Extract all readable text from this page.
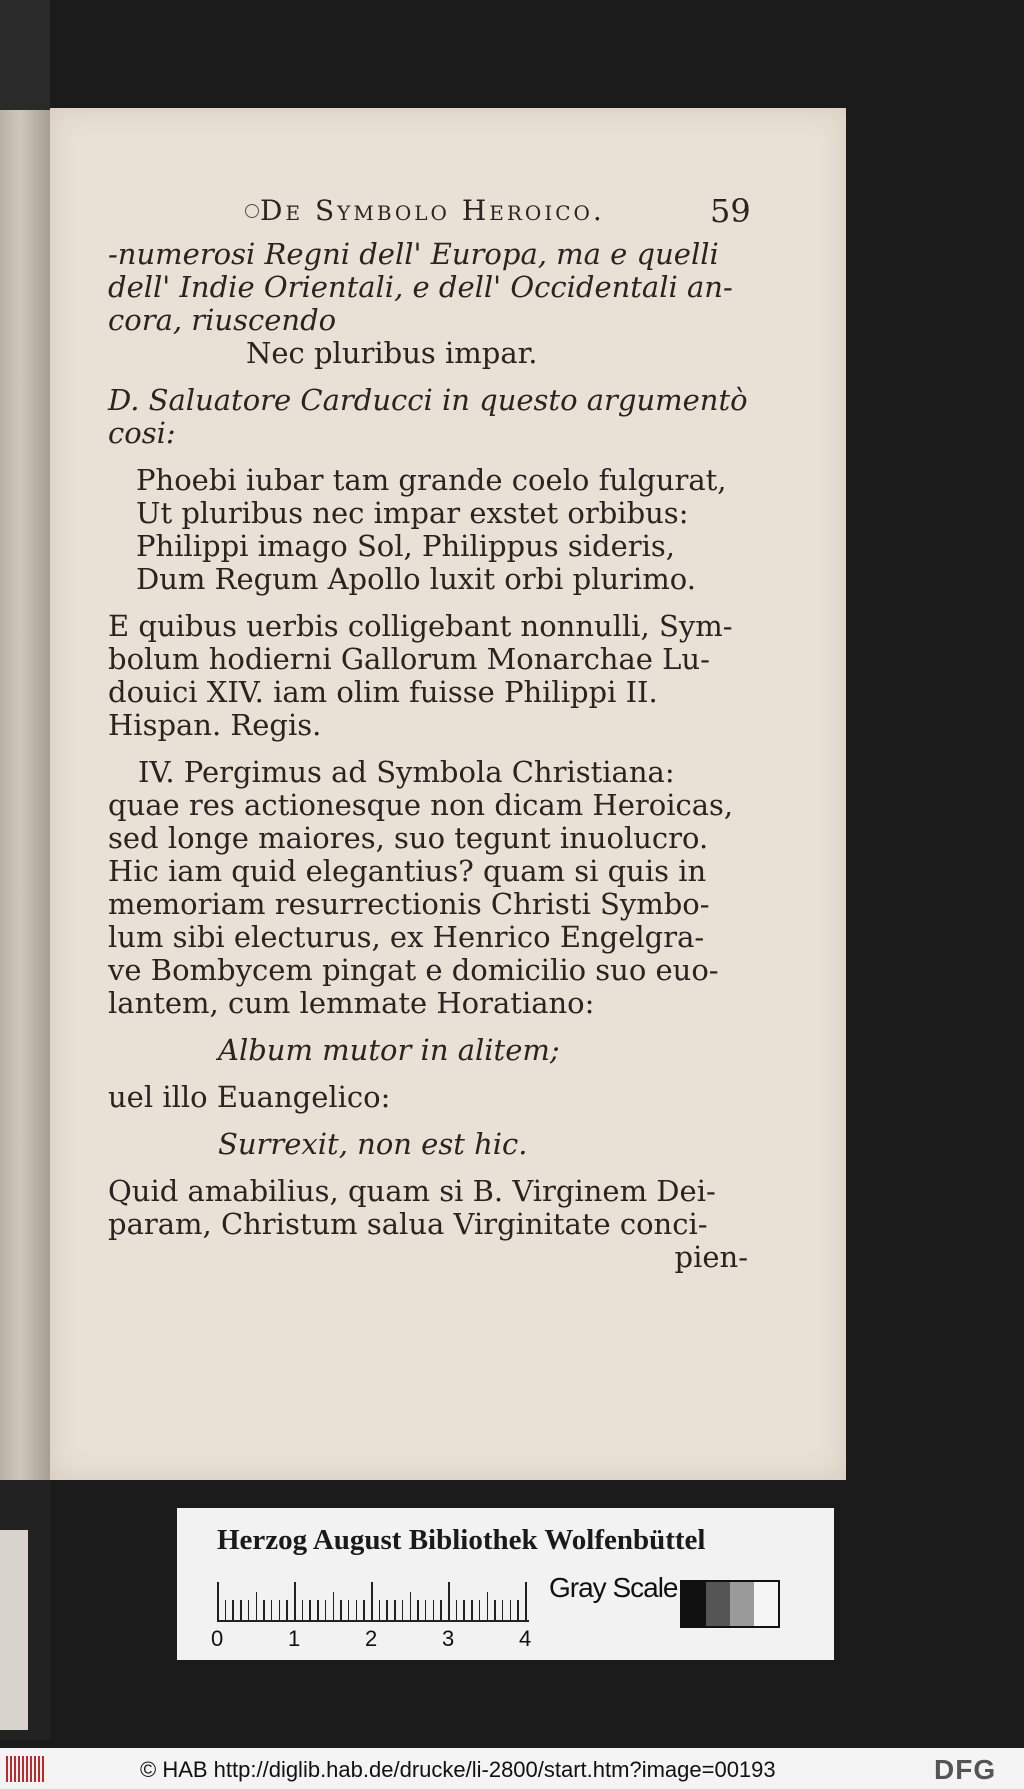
De Symbolo Heroico.	59
-numerosi Regni dell' Europa, ma e quelli
dell' Indie Orientali, e dell' Occidentali an-
cora, riuscendo
Nec pluribus impar.
D. Saluatore Carducci in questo argumentò
cosi:
Phoebi iubar tam grande coelo fulgurat,
Ut pluribus nec impar exstet orbibus:
Philippi imago Sol, Philippus sideris,
Dum Regum Apollo luxit orbi plurimo.
E quibus uerbis colligebant nonnulli, Sym-
bolum hodierni Gallorum Monarchae Lu-
douici XIV. iam olim fuisse Philippi II.
Hispan. Regis.
IV. Pergimus ad Symbola Christiana:
quae res actionesque non dicam Heroicas,
sed longe maiores, suo tegunt inuolucro.
Hic iam quid elegantius? quam si quis in
memoriam resurrectionis Christi Symbo-
lum sibi electurus, ex Henrico Engelgra-
ve Bombycem pingat e domicilio suo euo-
lantem, cum lemmate Horatiano:
Album mutor in alitem;
uel illo Euangelico:
Surrexit, non est hic.
Quid amabilius, quam si B. Virginem Dei-
param, Christum salua Virginitate conci-
pien-
Herzog August Bibliothek Wolfenbüttel
0	1	2	3	4
Gray Scale
© HAB http://diglib.hab.de/drucke/li-2800/start.htm?image=00193	DFG
